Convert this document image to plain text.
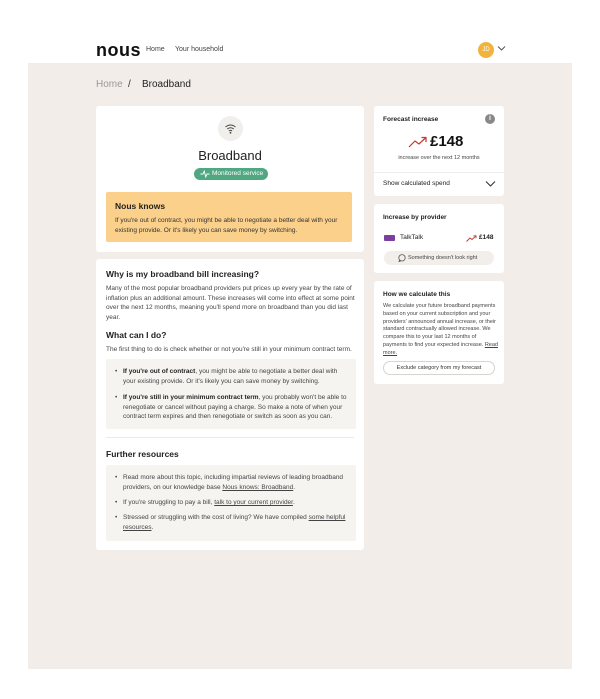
nous Home Your household	JD
Home / Broadband
Broadband
Monitored service
Nous knows
If you're out of contract, you might be able to negotiate a better deal with your existing provide. Or it's likely you can save money by switching.
Why is my broadband bill increasing?
Many of the most popular broadband providers put prices up every year by the rate of inflation plus an additional amount. These increases will come into effect at some point over the next 12 months, meaning you'll spend more on broadband than you did last year.
What can I do?
The first thing to do is check whether or not you're still in your minimum contract term.
• If you're out of contract, you might be able to negotiate a better deal with your existing provide. Or it's likely you can save money by switching.
• If you're still in your minimum contract term, you probably won't be able to renegotiate or cancel without paying a charge. So make a note of when your contract term expires and then renegotiate or switch as soon as you can.
Further resources
• Read more about this topic, including impartial reviews of leading broadband providers, on our knowledge base Nous knows: Broadband.
• If you're struggling to pay a bill, talk to your current provider.
• Stressed or struggling with the cost of living? We have compiled some helpful resources.
Forecast increase	i
£148
increase over the next 12 months
Show calculated spend
Increase by provider
TalkTalk	£148
Something doesn't look right
How we calculate this
We calculate your future broadband payments based on your current subscription and your providers' announced annual increase, or their standard contractually allowed increase. We compare this to your last 12 months of payments to find your expected increase. Read more.
Exclude category from my forecast
